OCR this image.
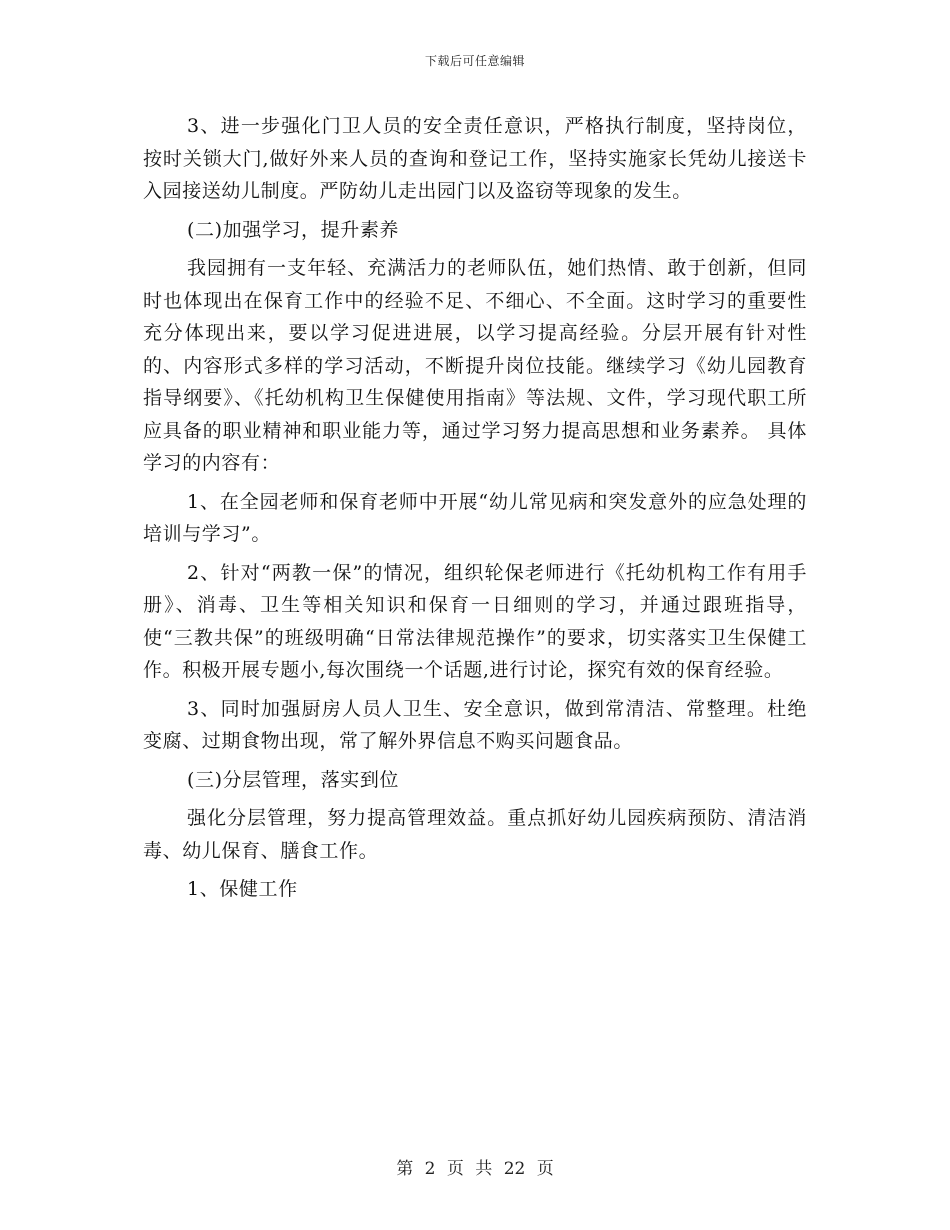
下载后可任意编辑

3、进一步强化门卫人员的安全责任意识，严格执行制度，坚持岗位，按时关锁大门,做好外来人员的查询和登记工作，坚持实施家长凭幼儿接送卡入园接送幼儿制度。严防幼儿走出园门以及盗窃等现象的发生。

(二)加强学习，提升素养

我园拥有一支年轻、充满活力的老师队伍，她们热情、敢于创新，但同时也体现出在保育工作中的经验不足、不细心、不全面。这时学习的重要性充分体现出来，要以学习促进进展，以学习提高经验。分层开展有针对性的、内容形式多样的学习活动，不断提升岗位技能。继续学习《幼儿园教育指导纲要》、《托幼机构卫生保健使用指南》等法规、文件，学习现代职工所应具备的职业精神和职业能力等，通过学习努力提高思想和业务素养。 具体学习的内容有：

1、在全园老师和保育老师中开展“幼儿常见病和突发意外的应急处理的培训与学习”。

2、针对“两教一保”的情况，组织轮保老师进行《托幼机构工作有用手册》、消毒、卫生等相关知识和保育一日细则的学习，并通过跟班指导，使“三教共保”的班级明确“日常法律规范操作”的要求，切实落实卫生保健工作。积极开展专题小,每次围绕一个话题,进行讨论，探究有效的保育经验。

3、同时加强厨房人员人卫生、安全意识，做到常清洁、常整理。杜绝变腐、过期食物出现，常了解外界信息不购买问题食品。

(三)分层管理，落实到位

强化分层管理，努力提高管理效益。重点抓好幼儿园疾病预防、清洁消毒、幼儿保育、膳食工作。

1、保健工作

第 2 页 共 22 页
